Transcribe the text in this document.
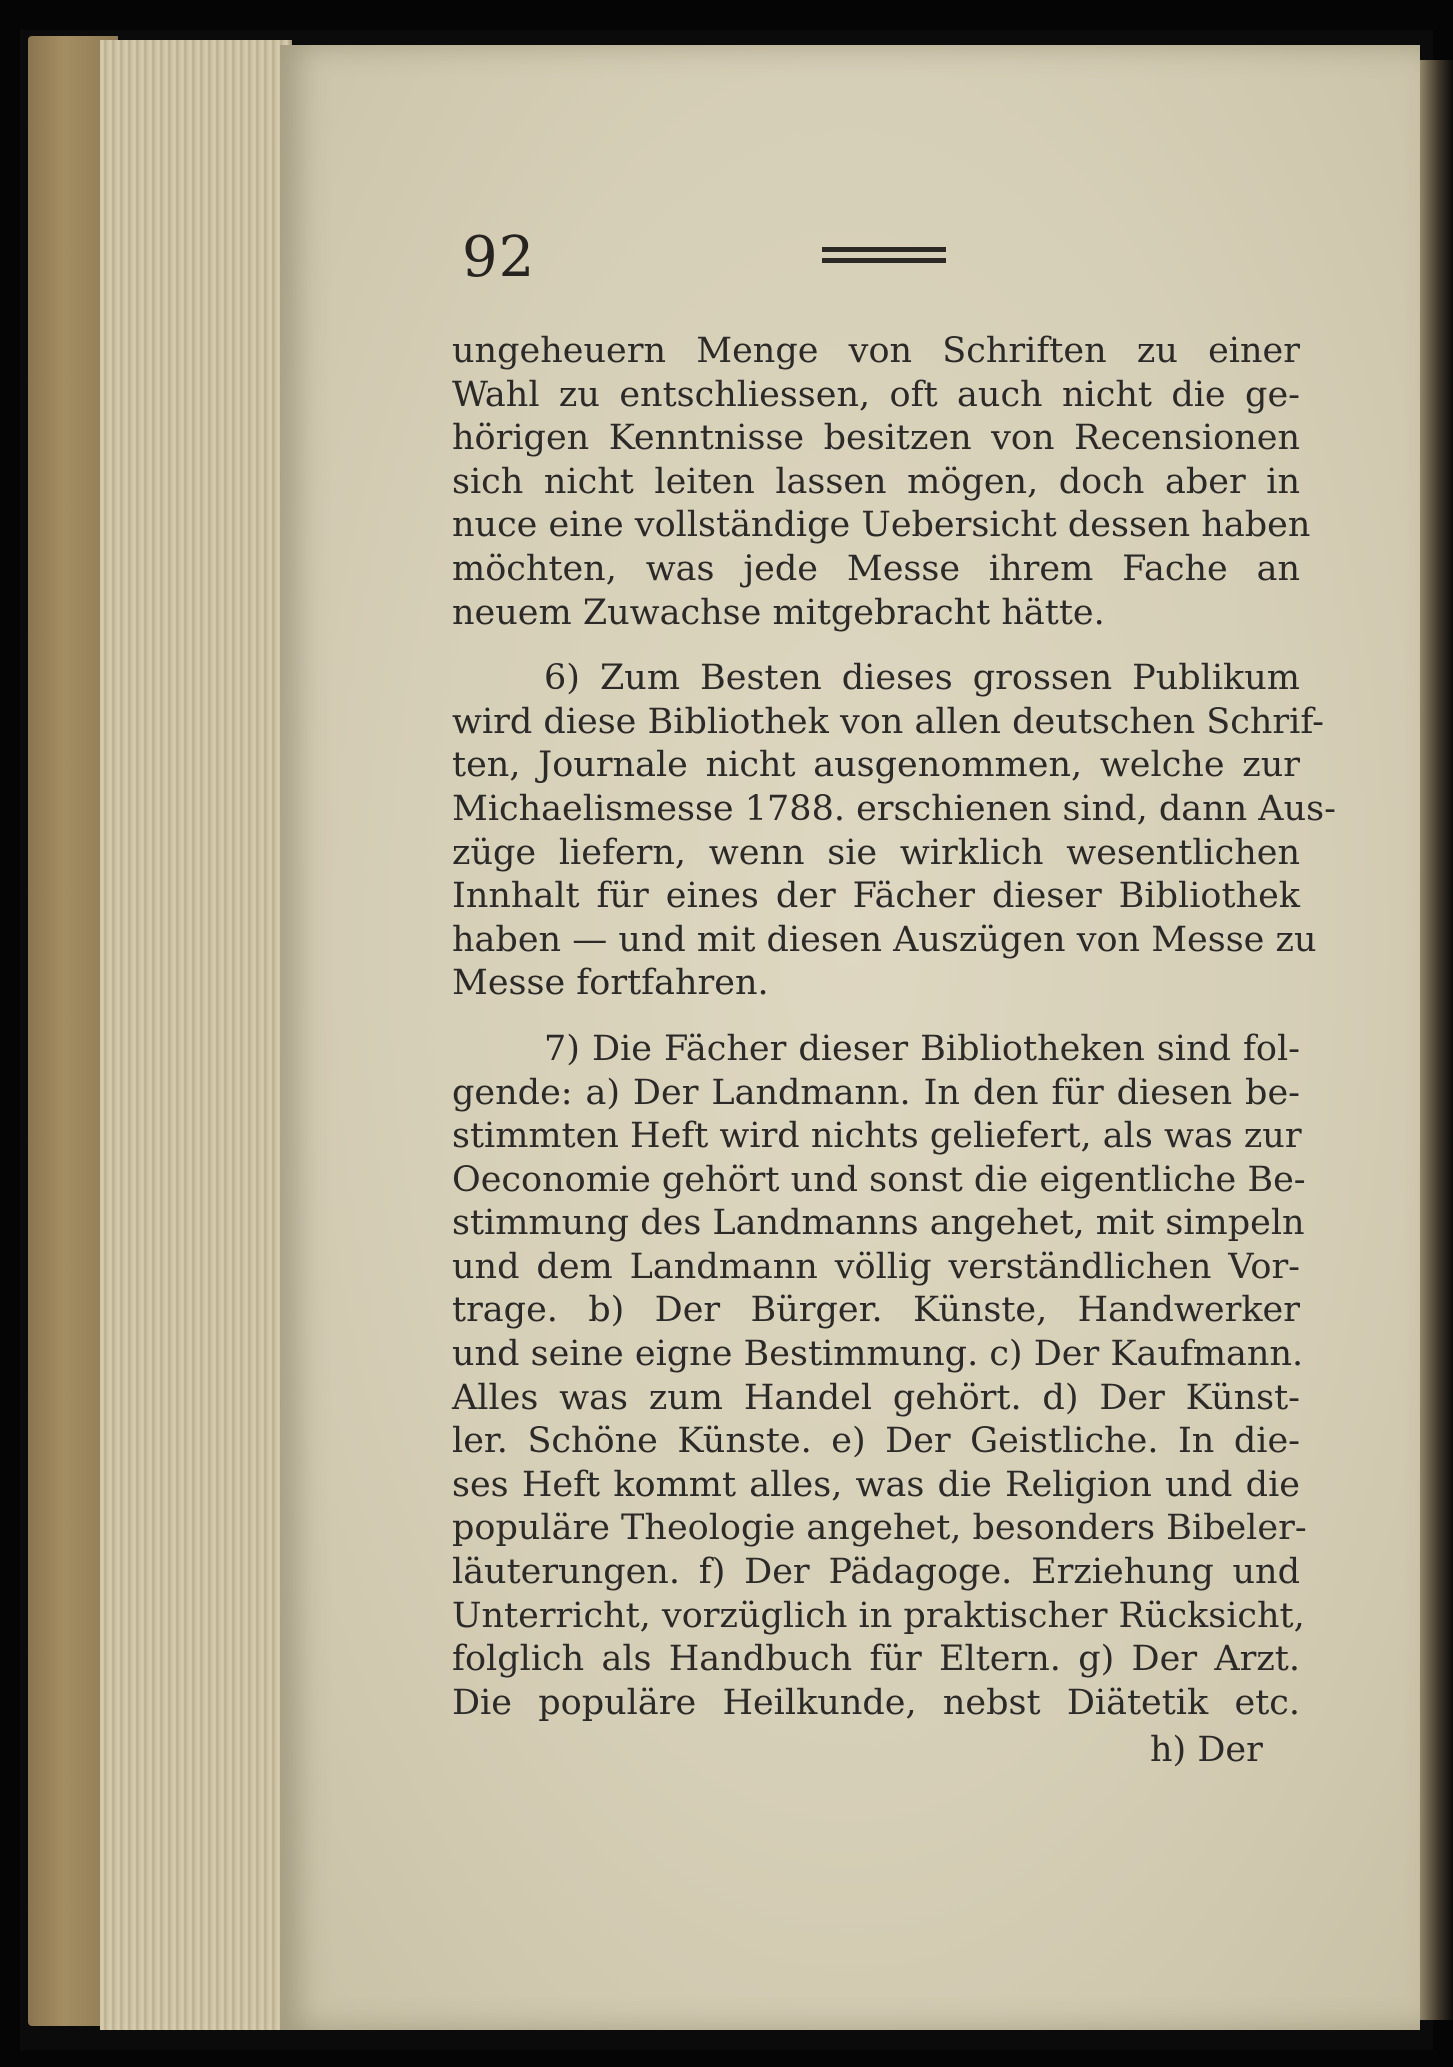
92
ungeheuern Menge von Schriften zu einer
Wahl zu entschliessen, oft auch nicht die ge-
hörigen Kenntnisse besitzen von Recensionen
sich nicht leiten lassen mögen, doch aber in
nuce eine vollständige Uebersicht dessen haben
möchten, was jede Messe ihrem Fache an
neuem Zuwachse mitgebracht hätte.
6) Zum Besten dieses grossen Publikum
wird diese Bibliothek von allen deutschen Schrif-
ten, Journale nicht ausgenommen, welche zur
Michaelismesse 1788. erschienen sind, dann Aus-
züge liefern, wenn sie wirklich wesentlichen
Innhalt für eines der Fächer dieser Bibliothek
haben — und mit diesen Auszügen von Messe zu
Messe fortfahren.
7) Die Fächer dieser Bibliotheken sind fol-
gende: a) Der Landmann. In den für diesen be-
stimmten Heft wird nichts geliefert, als was zur
Oeconomie gehört und sonst die eigentliche Be-
stimmung des Landmanns angehet, mit simpeln
und dem Landmann völlig verständlichen Vor-
trage. b) Der Bürger. Künste, Handwerker
und seine eigne Bestimmung. c) Der Kaufmann.
Alles was zum Handel gehört. d) Der Künst-
ler. Schöne Künste. e) Der Geistliche. In die-
ses Heft kommt alles, was die Religion und die
populäre Theologie angehet, besonders Bibeler-
läuterungen. f) Der Pädagoge. Erziehung und
Unterricht, vorzüglich in praktischer Rücksicht,
folglich als Handbuch für Eltern. g) Der Arzt.
Die populäre Heilkunde, nebst Diätetik etc.
h) Der
